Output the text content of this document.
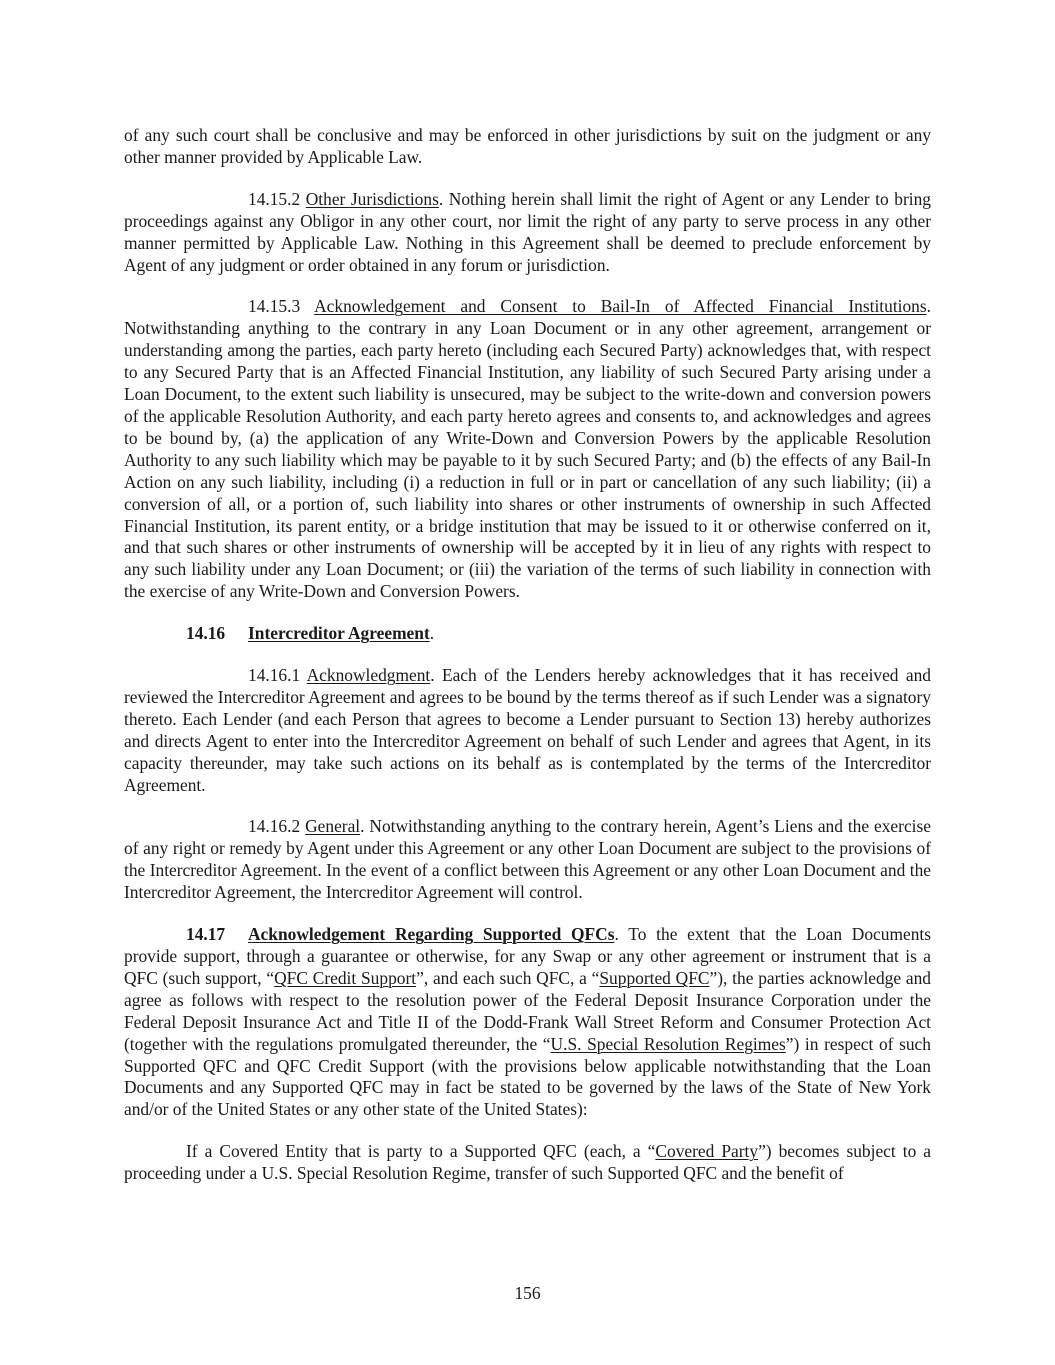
of any such court shall be conclusive and may be enforced in other jurisdictions by suit on the judgment or any other manner provided by Applicable Law.

14.15.2 Other Jurisdictions. Nothing herein shall limit the right of Agent or any Lender to bring proceedings against any Obligor in any other court, nor limit the right of any party to serve process in any other manner permitted by Applicable Law. Nothing in this Agreement shall be deemed to preclude enforcement by Agent of any judgment or order obtained in any forum or jurisdiction.

14.15.3 Acknowledgement and Consent to Bail-In of Affected Financial Institutions. Notwithstanding anything to the contrary in any Loan Document or in any other agreement, arrangement or understanding among the parties, each party hereto (including each Secured Party) acknowledges that, with respect to any Secured Party that is an Affected Financial Institution, any liability of such Secured Party arising under a Loan Document, to the extent such liability is unsecured, may be subject to the write-down and conversion powers of the applicable Resolution Authority, and each party hereto agrees and consents to, and acknowledges and agrees to be bound by, (a) the application of any Write-Down and Conversion Powers by the applicable Resolution Authority to any such liability which may be payable to it by such Secured Party; and (b) the effects of any Bail-In Action on any such liability, including (i) a reduction in full or in part or cancellation of any such liability; (ii) a conversion of all, or a portion of, such liability into shares or other instruments of ownership in such Affected Financial Institution, its parent entity, or a bridge institution that may be issued to it or otherwise conferred on it, and that such shares or other instruments of ownership will be accepted by it in lieu of any rights with respect to any such liability under any Loan Document; or (iii) the variation of the terms of such liability in connection with the exercise of any Write-Down and Conversion Powers.

14.16 Intercreditor Agreement.

14.16.1 Acknowledgment. Each of the Lenders hereby acknowledges that it has received and reviewed the Intercreditor Agreement and agrees to be bound by the terms thereof as if such Lender was a signatory thereto. Each Lender (and each Person that agrees to become a Lender pursuant to Section 13) hereby authorizes and directs Agent to enter into the Intercreditor Agreement on behalf of such Lender and agrees that Agent, in its capacity thereunder, may take such actions on its behalf as is contemplated by the terms of the Intercreditor Agreement.

14.16.2 General. Notwithstanding anything to the contrary herein, Agent’s Liens and the exercise of any right or remedy by Agent under this Agreement or any other Loan Document are subject to the provisions of the Intercreditor Agreement. In the event of a conflict between this Agreement or any other Loan Document and the Intercreditor Agreement, the Intercreditor Agreement will control.

14.17 Acknowledgement Regarding Supported QFCs. To the extent that the Loan Documents provide support, through a guarantee or otherwise, for any Swap or any other agreement or instrument that is a QFC (such support, “QFC Credit Support”, and each such QFC, a “Supported QFC”), the parties acknowledge and agree as follows with respect to the resolution power of the Federal Deposit Insurance Corporation under the Federal Deposit Insurance Act and Title II of the Dodd-Frank Wall Street Reform and Consumer Protection Act (together with the regulations promulgated thereunder, the “U.S. Special Resolution Regimes”) in respect of such Supported QFC and QFC Credit Support (with the provisions below applicable notwithstanding that the Loan Documents and any Supported QFC may in fact be stated to be governed by the laws of the State of New York and/or of the United States or any other state of the United States):

If a Covered Entity that is party to a Supported QFC (each, a “Covered Party”) becomes subject to a proceeding under a U.S. Special Resolution Regime, transfer of such Supported QFC and the benefit of

156
